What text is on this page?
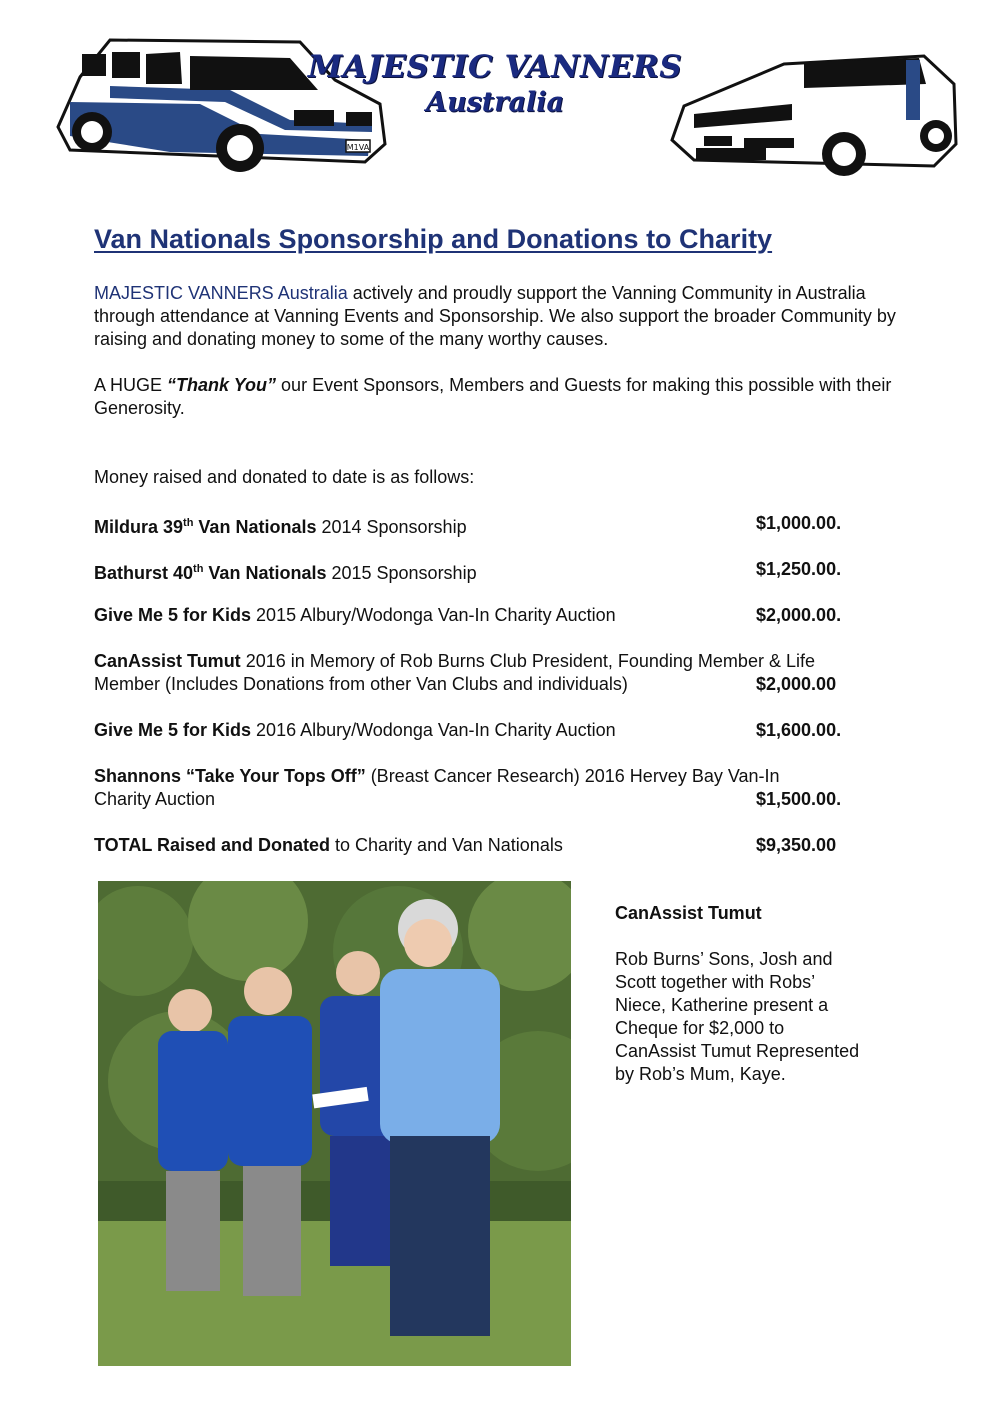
M1VA
MAJESTIC VANNERS
Australia
Van Nationals Sponsorship and Donations to Charity

MAJESTIC VANNERS Australia actively and proudly support the Vanning Community in Australia through attendance at Vanning Events and Sponsorship. We also support the broader Community by raising and donating money to some of the many worthy causes.

A HUGE “Thank You” our Event Sponsors, Members and Guests for making this possible with their Generosity.

Money raised and donated to date is as follows:

Mildura 39th Van Nationals 2014 Sponsorship	$1,000.00.
Bathurst 40th Van Nationals 2015 Sponsorship	$1,250.00.
Give Me 5 for Kids 2015 Albury/Wodonga Van-In Charity Auction	$2,000.00.
CanAssist Tumut 2016 in Memory of Rob Burns Club President, Founding Member & Life
Member (Includes Donations from other Van Clubs and individuals)	$2,000.00
Give Me 5 for Kids 2016 Albury/Wodonga Van-In Charity Auction	$1,600.00.
Shannons “Take Your Tops Off” (Breast Cancer Research) 2016 Hervey Bay Van-In
Charity Auction	$1,500.00.
TOTAL Raised and Donated to Charity and Van Nationals	$9,350.00

CanAssist Tumut

Rob Burns’ Sons, Josh and

Scott together with Robs’

Niece, Katherine present a

Cheque for $2,000 to

CanAssist Tumut Represented

by Rob’s Mum, Kaye.
